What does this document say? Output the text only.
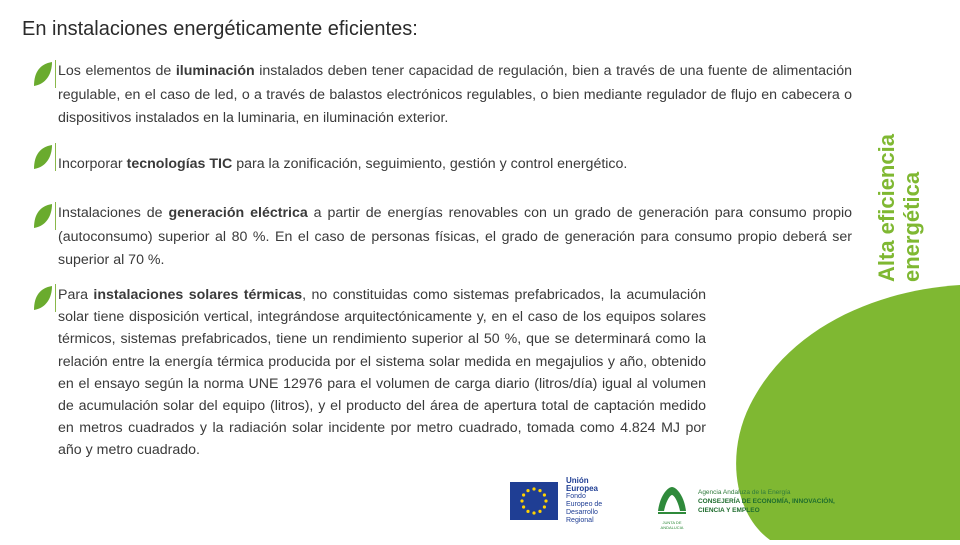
En instalaciones energéticamente eficientes:
Alta eficiencia energética
Los elementos de iluminación instalados deben tener capacidad de regulación, bien a través de una fuente de alimentación regulable, en el caso de led, o a través de balastos electrónicos regulables, o bien mediante regulador de flujo en cabecera o dispositivos instalados en la luminaria, en iluminación exterior.
Incorporar tecnologías TIC para la zonificación, seguimiento, gestión y control energético.
Instalaciones de generación eléctrica a partir de energías renovables con un grado de generación para consumo propio (autoconsumo) superior al 80 %. En el caso de personas físicas, el grado de generación para consumo propio deberá ser superior al 70 %.
Para instalaciones solares térmicas, no constituidas como sistemas prefabricados, la acumulación solar tiene disposición vertical, integrándose arquitectónicamente y, en el caso de los equipos solares térmicos, sistemas prefabricados, tiene un rendimiento superior al 50 %, que se determinará como la relación entre la energía térmica producida por el sistema solar medida en megajulios y año, obtenido en el ensayo según la norma UNE 12976 para el volumen de carga diario (litros/día) igual al volumen de acumulación solar del equipo (litros), y el producto del área de apertura total de captación medido en metros cuadrados y la radiación solar incidente por metro cuadrado, tomada como 4.824 MJ por año y metro cuadrado.
Unión Europea
Fondo Europeo de Desarrollo Regional	JUNTA DE ANDALUCIA
Agencia Andaluza de la Energía
CONSEJERÍA DE ECONOMÍA, INNOVACIÓN, CIENCIA Y EMPLEO
